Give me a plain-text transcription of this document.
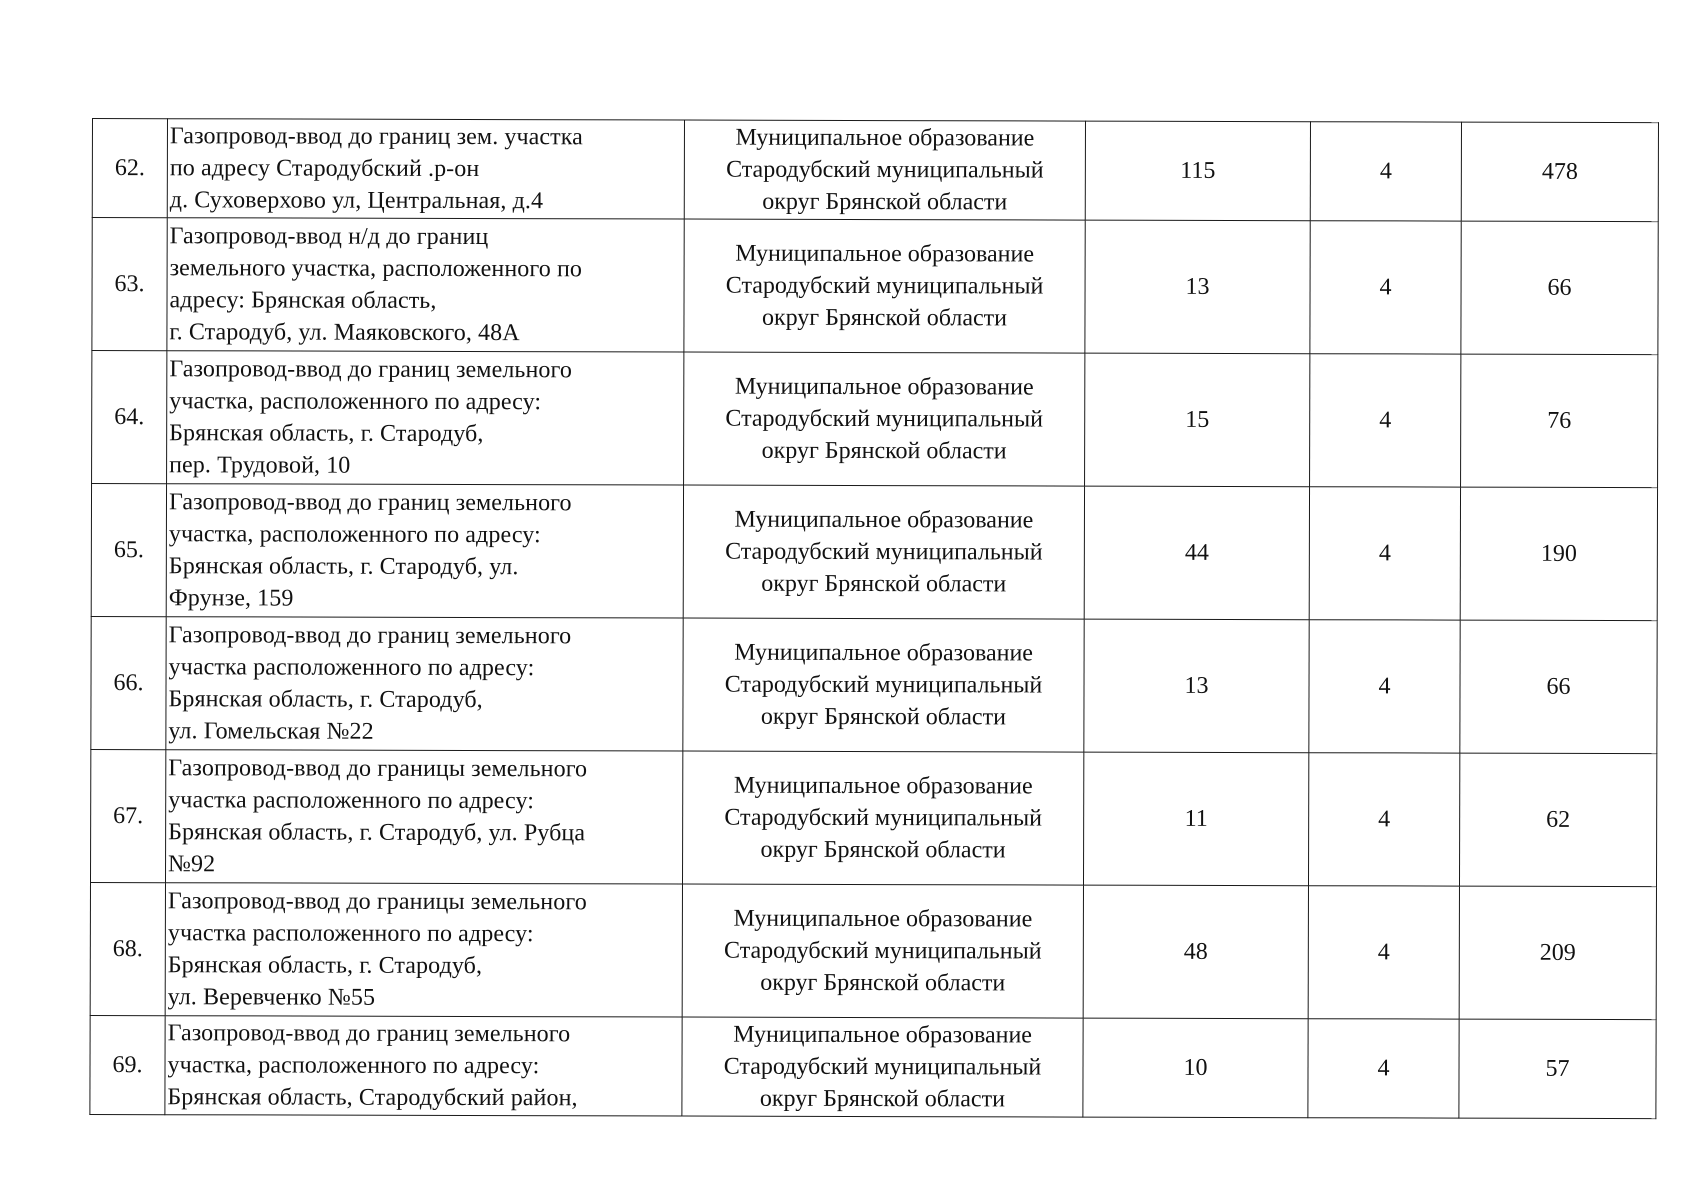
62.	Газопровод-ввод до границ зем. участка
по адресу Стародубский .р-он
д. Суховерхово ул, Центральная, д.4	Муниципальное образование
Стародубский муниципальный
округ Брянской области	115	4	478
63.	Газопровод-ввод н/д до границ
земельного участка, расположенного по
адресу: Брянская область,
г. Стародуб, ул. Маяковского, 48А	Муниципальное образование
Стародубский муниципальный
округ Брянской области	13	4	66
64.	Газопровод-ввод до границ земельного
участка, расположенного по адресу:
Брянская область, г. Стародуб,
пер. Трудовой, 10	Муниципальное образование
Стародубский муниципальный
округ Брянской области	15	4	76
65.	Газопровод-ввод до границ земельного
участка, расположенного по адресу:
Брянская область, г. Стародуб, ул.
Фрунзе, 159	Муниципальное образование
Стародубский муниципальный
округ Брянской области	44	4	190
66.	Газопровод-ввод до границ земельного
участка расположенного по адресу:
Брянская область, г. Стародуб,
ул. Гомельская №22	Муниципальное образование
Стародубский муниципальный
округ Брянской области	13	4	66
67.	Газопровод-ввод до границы земельного
участка расположенного по адресу:
Брянская область, г. Стародуб, ул. Рубца
№92	Муниципальное образование
Стародубский муниципальный
округ Брянской области	11	4	62
68.	Газопровод-ввод до границы земельного
участка расположенного по адресу:
Брянская область, г. Стародуб,
ул. Веревченко №55	Муниципальное образование
Стародубский муниципальный
округ Брянской области	48	4	209
69.	Газопровод-ввод до границ земельного
участка, расположенного по адресу:
Брянская область, Стародубский район,	Муниципальное образование
Стародубский муниципальный
округ Брянской области	10	4	57
